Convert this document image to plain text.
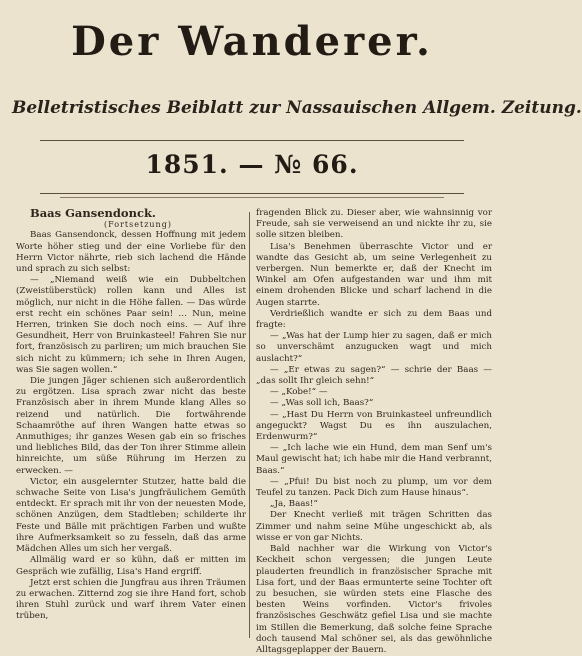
Der Wanderer.
Belletristisches Beiblatt zur Nassauischen Allgem. Zeitung.
1851. — № 66.

Baas Gansendonck.

(Fortsetzung)

Baas Gansendonck, dessen Hoffnung mit jedem Worte höher stieg und der eine Vorliebe für den Herrn Victor nährte, rieb sich lachend die Hände und sprach zu sich selbst:

— „Niemand weiß wie ein Dubbeltchen (Zweistüberstück) rollen kann und Alles ist möglich, nur nicht in die Höhe fallen. — Das würde erst recht ein schönes Paar sein! … Nun, meine Herren, trinken Sie doch noch eins. — Auf ihre Gesundheit, Herr von Bruinkasteel! Fahren Sie nur fort, französisch zu parliren; um mich brauchen Sie sich nicht zu kümmern; ich sehe in Ihren Augen, was Sie sagen wollen.“

Die jungen Jäger schienen sich außerordentlich zu ergötzen. Lisa sprach zwar nicht das beste Französisch aber in ihrem Munde klang Alles so reizend und natürlich. Die fortwährende Schaamröthe auf ihren Wangen hatte etwas so Anmuthiges; ihr ganzes Wesen gab ein so frisches und liebliches Bild, das der Ton ihrer Stimme allein hinreichte, um süße Rührung im Herzen zu erwecken. —

Victor, ein ausgelernter Stutzer, hatte bald die schwache Seite von Lisa's jungfräulichem Gemüth entdeckt. Er sprach mit ihr von der neuesten Mode, schönen Anzügen, dem Stadtleben; schilderte ihr Feste und Bälle mit prächtigen Farben und wußte ihre Aufmerksamkeit so zu fesseln, daß das arme Mädchen Alles um sich her vergaß.

Allmälig ward er so kühn, daß er mitten im Gespräch wie zufällig, Lisa's Hand ergriff.

Jetzt erst schien die Jungfrau aus ihren Träumen zu erwachen. Zitternd zog sie ihre Hand fort, schob ihren Stuhl zurück und warf ihrem Vater einen trüben,

fragenden Blick zu. Dieser aber, wie wahnsinnig vor Freude, sah sie verweisend an und nickte ihr zu, sie solle sitzen bleiben.

Lisa's Benehmen überraschte Victor und er wandte das Gesicht ab, um seine Verlegenheit zu verbergen. Nun bemerkte er, daß der Knecht im Winkel am Ofen aufgestanden war und ihm mit einem drohenden Blicke und scharf lachend in die Augen starrte.

Verdrießlich wandte er sich zu dem Baas und fragte:

— „Was hat der Lump hier zu sagen, daß er mich so unverschämt anzugucken wagt und mich auslacht?“

— „Er etwas zu sagen?“ — schrie der Baas — „das sollt Ihr gleich sehn!“

— „Kobe!“ —

— „Was soll ich, Baas?“

— „Hast Du Herrn von Bruinkasteel unfreundlich angeguckt? Wagst Du es ihn auszulachen, Erdenwurm?“

— „Ich lache wie ein Hund, dem man Senf um's Maul gewischt hat; ich habe mir die Hand verbrannt, Baas.“

— „Pfui! Du bist noch zu plump, um vor dem Teufel zu tanzen. Pack Dich zum Hause hinaus“.

„Ja, Baas!“

Der Knecht verließ mit trägen Schritten das Zimmer und nahm seine Mühe ungeschickt ab, als wisse er von gar Nichts.

Bald nachher war die Wirkung von Victor's Keckheit schon vergessen; die jungen Leute plauderten freundlich in französischer Sprache mit Lisa fort, und der Baas ermunterte seine Tochter oft zu besuchen, sie würden stets eine Flasche des besten Weins vorfinden. Victor's frivoles französisches Geschwätz gefiel Lisa und sie machte im Stillen die Bemerkung, daß solche feine Sprache doch tausend Mal schöner sei, als das gewöhnliche Alltagsgeplapper der Bauern.
